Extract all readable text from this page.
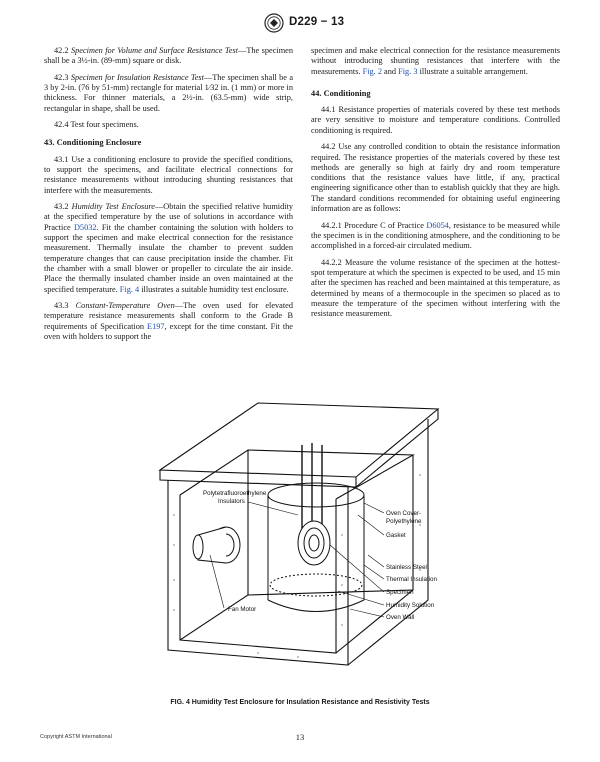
D229 − 13

42.2 Specimen for Volume and Surface Resistance Test—The specimen shall be a 3½-in. (89-mm) square or disk.

42.3 Specimen for Insulation Resistance Test—The specimen shall be a 3 by 2-in. (76 by 51-mm) rectangle for material 1⁄32 in. (1 mm) or more in thickness. For thinner materials, a 2½-in. (63.5-mm) wide strip, rectangular in shape, shall be used.

42.4 Test four specimens.

43. Conditioning Enclosure

43.1 Use a conditioning enclosure to provide the specified conditions, to support the specimens, and facilitate electrical connections for resistance measurements without introducing shunting resistances that interfere with the measurements.

43.2 Humidity Test Enclosure—Obtain the specified relative humidity at the specified temperature by the use of solutions in accordance with Practice D5032. Fit the chamber containing the solution with holders to support the specimen and make electrical connection for the resistance measurement. Thermally insulate the chamber to prevent sudden temperature changes that can cause precipitation inside the chamber. Fit the chamber with a small blower or propeller to circulate the air inside. Place the thermally insulated chamber inside an oven maintained at the specified temperature. Fig. 4 illustrates a suitable humidity test enclosure.

43.3 Constant-Temperature Oven—The oven used for elevated temperature resistance measurements shall conform to the Grade B requirements of Specification E197, except for the time constant. Fit the oven with holders to support the

specimen and make electrical connection for the resistance measurements without introducing shunting resistances that interfere with the measurements. Fig. 2 and Fig. 3 illustrate a suitable arrangement.

44. Conditioning

44.1 Resistance properties of materials covered by these test methods are very sensitive to moisture and temperature conditions. Controlled conditioning is required.

44.2 Use any controlled condition to obtain the resistance information required. The resistance properties of the materials covered by these test methods are generally so high at fairly dry and room temperature conditions that the resistance values have little, if any, practical engineering significance other than to establish quickly that they are high. The standard conditions recommended for obtaining useful engineering information are as follows:

44.2.1 Procedure C of Practice D6054, resistance to be measured while the specimen is in the conditioning atmosphere, and the conditioning to be accomplished in a forced-air circulated medium.

44.2.2 Measure the volume resistance of the specimen at the hottest-spot temperature at which the specimen is expected to be used, and 15 min after the specimen has reached and been maintained at this temperature, as determined by means of a thermocouple in the specimen so placed as to measure the temperature of the specimen without interfering with the resistance measurement.

Polytetrafluoroethylene
Insulators
Oven Cover-
Polyethylene
Gasket
Stainless Steel
Thermal Insulation
Specimen
Humidity Solution
Oven Wall
Fan Motor
FIG. 4 Humidity Test Enclosure for Insulation Resistance and Resistivity Tests
Copyright ASTM International	13
